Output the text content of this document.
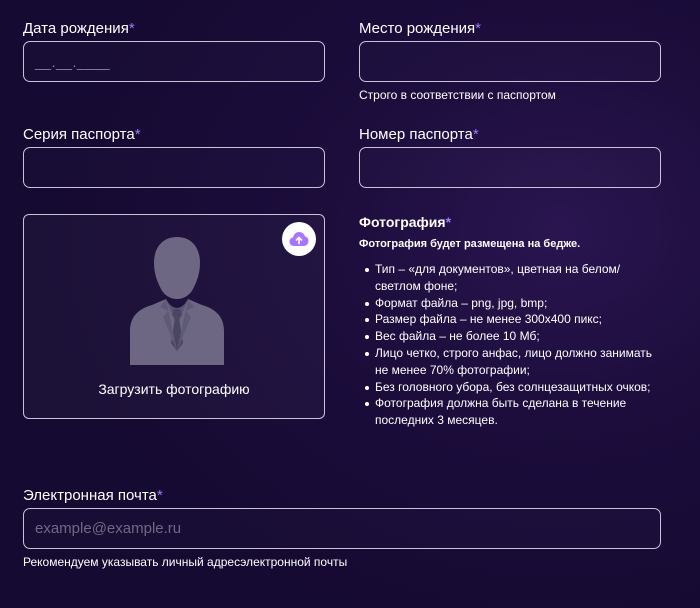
Дата рождения*
__.__.____
Место рождения*
Строго в соответствии с паспортом
Серия паспорта*	Номер паспорта*
Загрузить фотографию
Фотография*
Фотография будет размещена на бедже.
Тип – «для документов», цветная на белом/светлом фоне;
Формат файла – png, jpg, bmp;
Размер файла – не менее 300х400 пикс;
Вес файла – не более 10 Мб;
Лицо четко, строго анфас, лицо должно занимать не менее 70% фотографии;
Без головного убора, без солнцезащитных очков;
Фотография должна быть сделана в течение последних 3 месяцев.
Электронная почта*
example@example.ru
Рекомендуем указывать личный адресэлектронной почты
